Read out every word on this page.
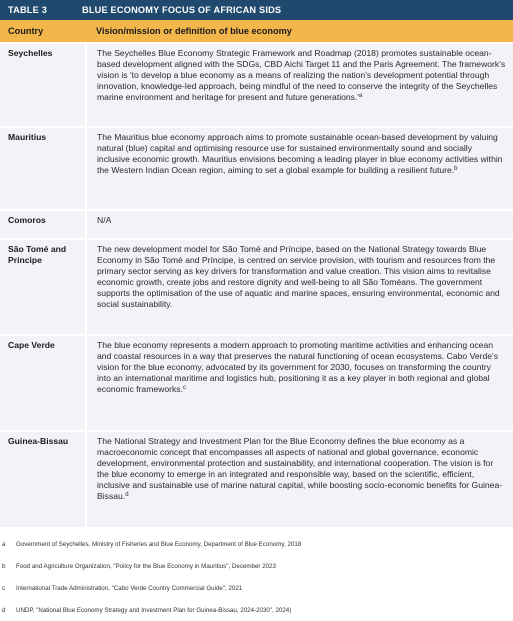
TABLE 3	BLUE ECONOMY FOCUS OF AFRICAN SIDS
Country	Vision/mission or definition of blue economy
Seychelles	The Seychelles Blue Economy Strategic Framework and Roadmap (2018) promotes sustainable ocean-based development aligned with the SDGs, CBD Aichi Target 11 and the Paris Agreement. The framework's vision is 'to develop a blue economy as a means of realizing the nation's development potential through innovation, knowledge-led approach, being mindful of the need to conserve the integrity of the Seychelles marine environment and heritage for present and future $generations.'^a$
Mauritius	The Mauritius blue economy approach aims to promote sustainable ocean-based development by valuing natural (blue) capital and optimising resource use for sustained environmentally sound and socially inclusive economic growth. Mauritius envisions becoming a leading player in blue economy activities within the Western Indian Ocean region, aiming to set a global example for building a resilient future.$^b$
Comoros	N/A
São Tomé and Principe	The new development model for São Tomé and Príncipe, based on the National Strategy towards Blue Economy in São Tomé and Príncipe, is centred on service provision, with tourism and resources from the primary sector serving as key drivers for transformation and value creation. This vision aims to revitalise economic growth, create jobs and restore dignity and well-being to all São Toméans. The government supports the optimisation of the use of aquatic and marine spaces, ensuring environmental, economic and social sustainability.
Cape Verde	The blue economy represents a modern approach to promoting maritime activities and enhancing ocean and coastal resources in a way that preserves the natural functioning of ocean ecosystems. Cabo Verde's vision for the blue economy, advocated by its government for 2030, focuses on transforming the country into an international maritime and logistics hub, positioning it as a key player in both regional and global economic frameworks.$^c$
Guinea-Bissau	The National Strategy and Investment Plan for the Blue Economy defines the blue economy as a macroeconomic concept that encompasses all aspects of national and global governance, economic development, environmental protection and sustainability, and international cooperation. The vision is for the blue economy to emerge in an integrated and responsible way, based on the scientific, efficient, inclusive and sustainable use of marine natural capital, while boosting socio-economic benefits for Guinea-Bissau.$^d$
a	Government of Seychelles, Ministry of Fisheries and Blue Economy, Department of Blue Economy, 2018
b	Food and Agriculture Organization, "Policy for the Blue Economy in Mauritius", December 2023
c	International Trade Administration, "Cabo Verde Country Commercial Guide", 2021
d	UNDP, "National Blue Economy Strategy and Investment Plan for Guinea-Bissau, 2024-2030", 2024)
